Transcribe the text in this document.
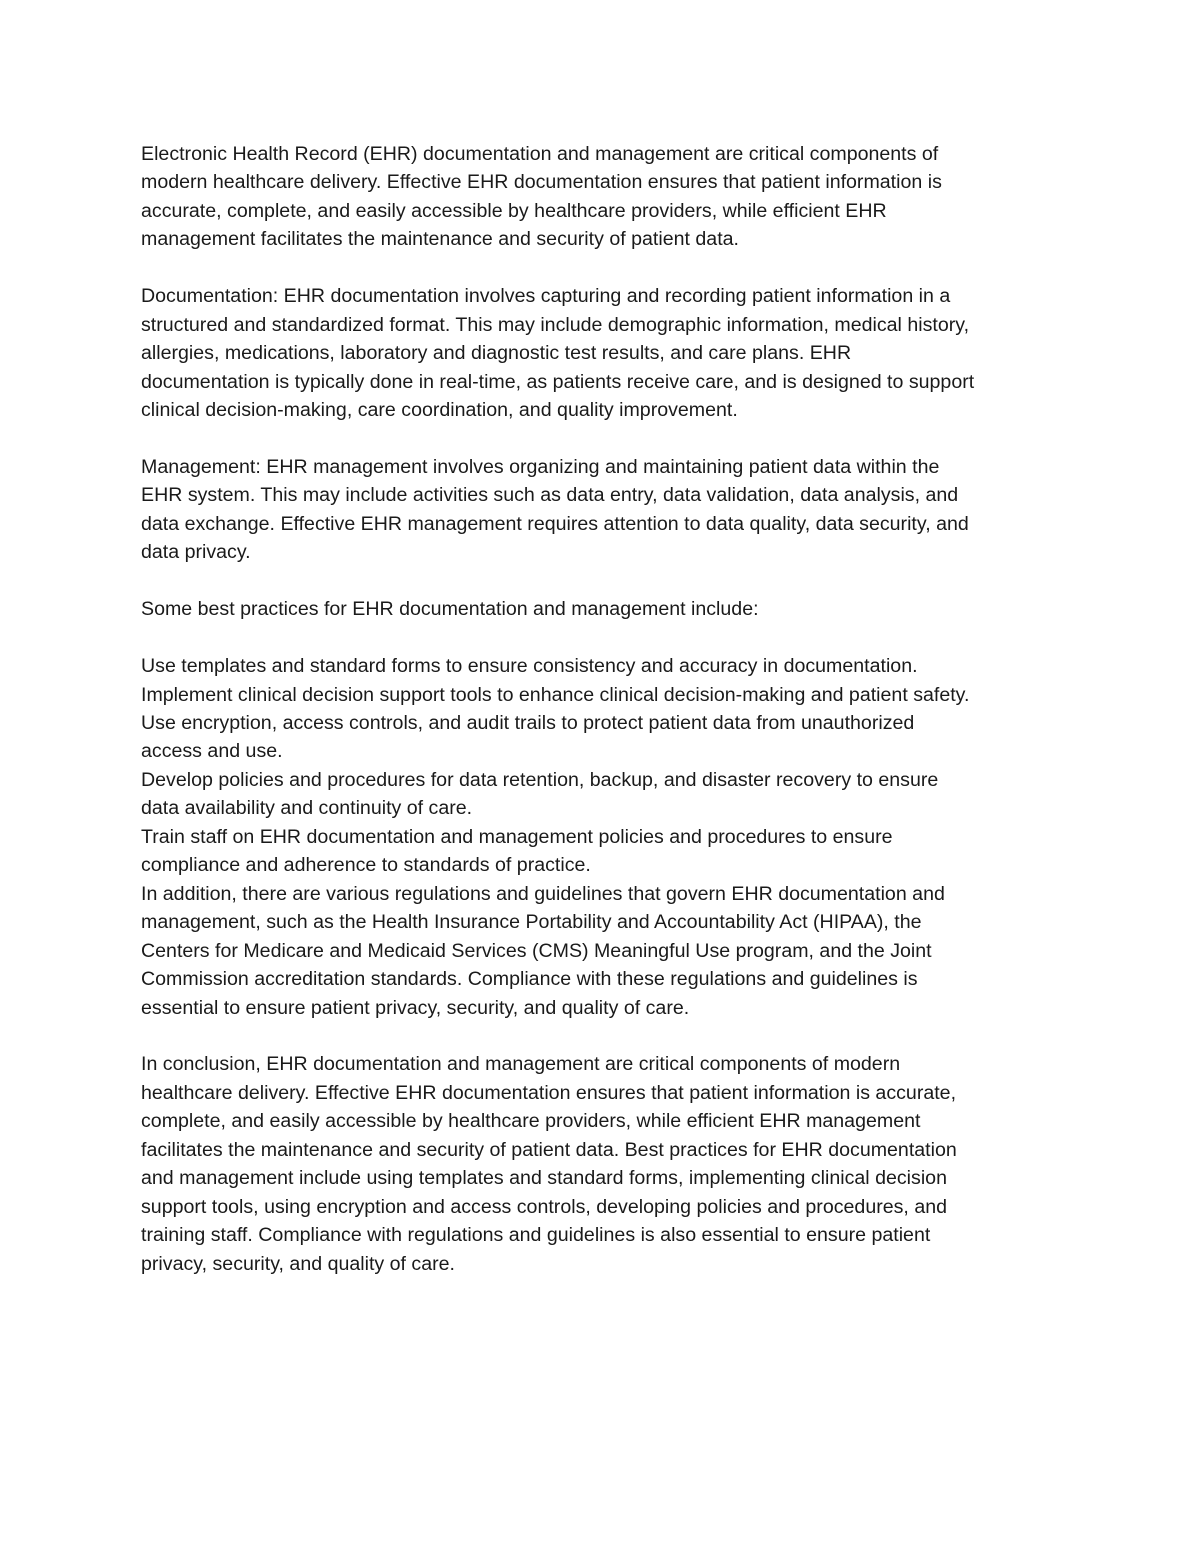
Electronic Health Record (EHR) documentation and management are critical components of
modern healthcare delivery. Effective EHR documentation ensures that patient information is
accurate, complete, and easily accessible by healthcare providers, while efficient EHR
management facilitates the maintenance and security of patient data.
Documentation: EHR documentation involves capturing and recording patient information in a
structured and standardized format. This may include demographic information, medical history,
allergies, medications, laboratory and diagnostic test results, and care plans. EHR
documentation is typically done in real-time, as patients receive care, and is designed to support
clinical decision-making, care coordination, and quality improvement.
Management: EHR management involves organizing and maintaining patient data within the
EHR system. This may include activities such as data entry, data validation, data analysis, and
data exchange. Effective EHR management requires attention to data quality, data security, and
data privacy.
Some best practices for EHR documentation and management include:
Use templates and standard forms to ensure consistency and accuracy in documentation.
Implement clinical decision support tools to enhance clinical decision-making and patient safety.
Use encryption, access controls, and audit trails to protect patient data from unauthorized
access and use.
Develop policies and procedures for data retention, backup, and disaster recovery to ensure
data availability and continuity of care.
Train staff on EHR documentation and management policies and procedures to ensure
compliance and adherence to standards of practice.
In addition, there are various regulations and guidelines that govern EHR documentation and
management, such as the Health Insurance Portability and Accountability Act (HIPAA), the
Centers for Medicare and Medicaid Services (CMS) Meaningful Use program, and the Joint
Commission accreditation standards. Compliance with these regulations and guidelines is
essential to ensure patient privacy, security, and quality of care.
In conclusion, EHR documentation and management are critical components of modern
healthcare delivery. Effective EHR documentation ensures that patient information is accurate,
complete, and easily accessible by healthcare providers, while efficient EHR management
facilitates the maintenance and security of patient data. Best practices for EHR documentation
and management include using templates and standard forms, implementing clinical decision
support tools, using encryption and access controls, developing policies and procedures, and
training staff. Compliance with regulations and guidelines is also essential to ensure patient
privacy, security, and quality of care.
